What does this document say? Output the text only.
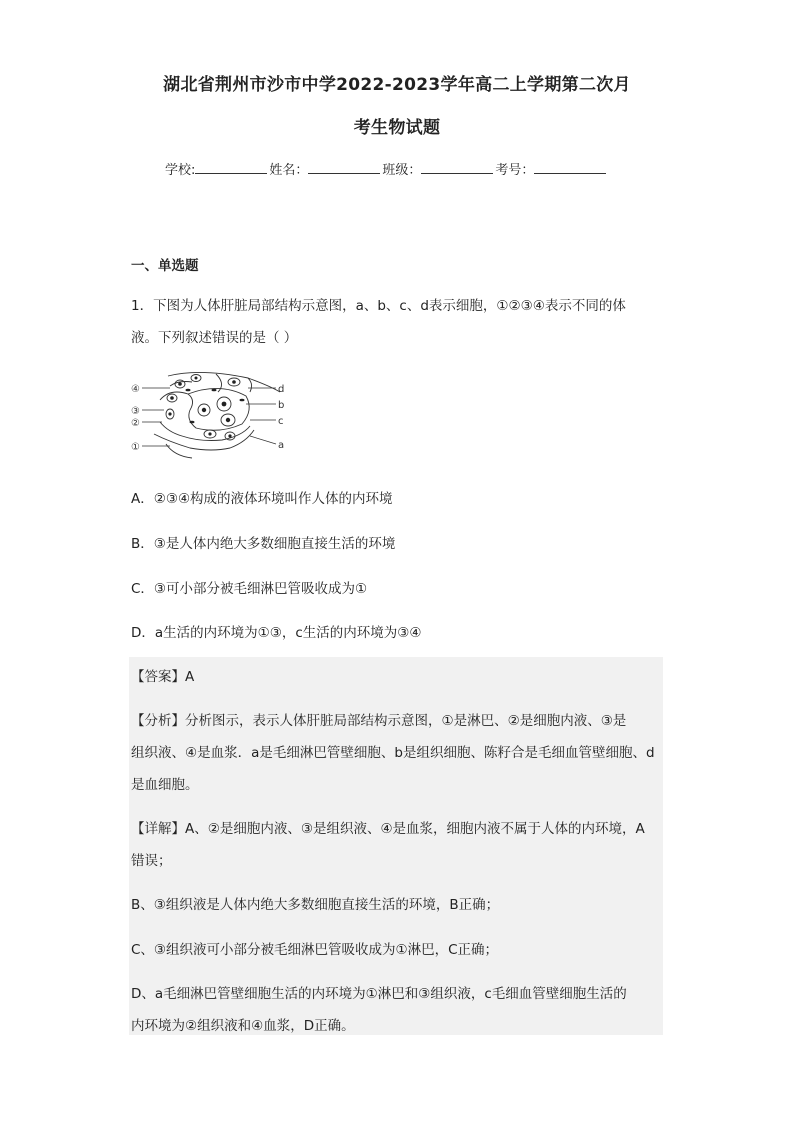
湖北省荆州市沙市中学2022-2023学年高二上学期第二次月
考生物试题
学校:	姓名：	班级：	考号：
一、单选题
1．下图为人体肝脏局部结构示意图，a、b、c、d表示细胞，①②③④表示不同的体
液。下列叙述错误的是（ ）
④
③
②
①
d
b
c
a
A．②③④构成的液体环境叫作人体的内环境
B．③是人体内绝大多数细胞直接生活的环境
C．③可小部分被毛细淋巴管吸收成为①
D．a生活的内环境为①③，c生活的内环境为③④
【答案】A
【分析】分析图示，表示人体肝脏局部结构示意图，①是淋巴、②是细胞内液、③是
组织液、④是血浆．a是毛细淋巴管壁细胞、b是组织细胞、陈籽合是毛细血管壁细胞、d
是血细胞。
【详解】A、②是细胞内液、③是组织液、④是血浆，细胞内液不属于人体的内环境，A
错误；
B、③组织液是人体内绝大多数细胞直接生活的环境，B正确；
C、③组织液可小部分被毛细淋巴管吸收成为①淋巴，C正确；
D、a毛细淋巴管壁细胞生活的内环境为①淋巴和③组织液，c毛细血管壁细胞生活的
内环境为②组织液和④血浆，D正确。
